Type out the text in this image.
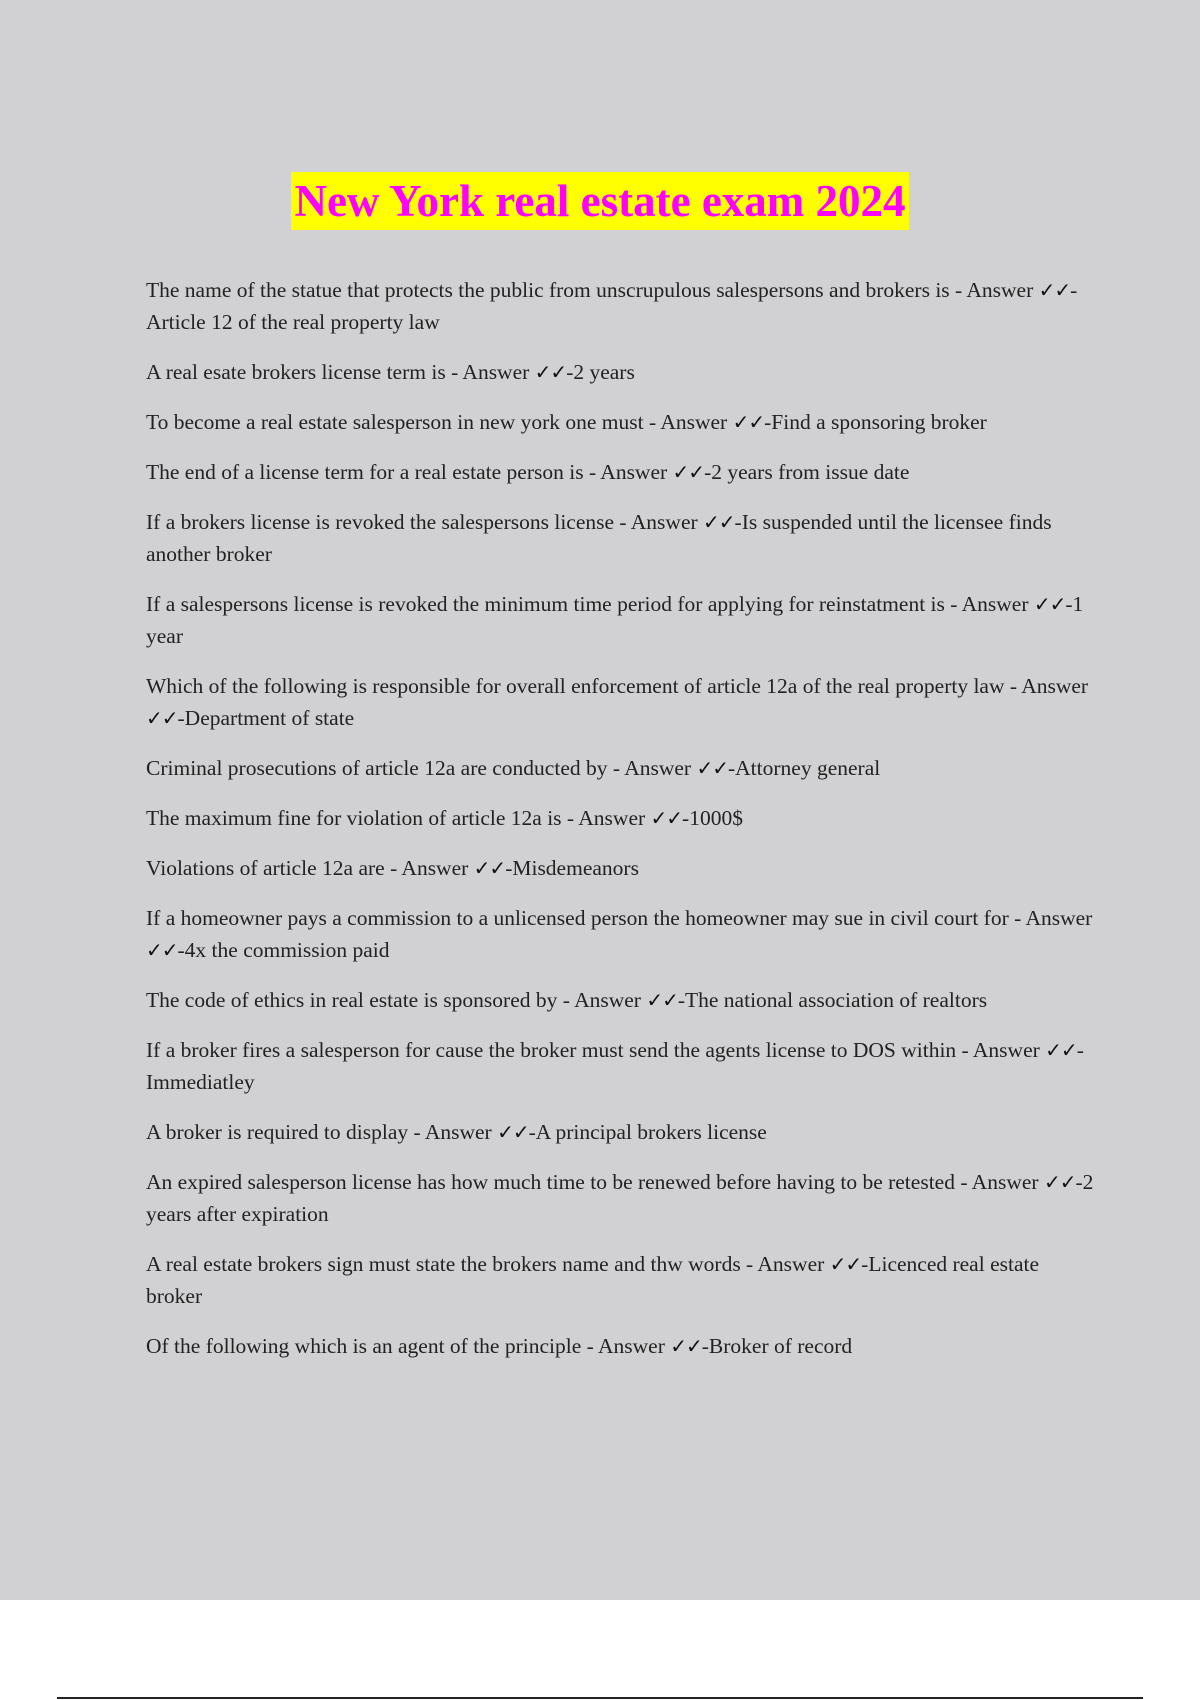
New York real estate exam 2024
The name of the statue that protects the public from unscrupulous salespersons and brokers is - Answer ✓✓-Article 12 of the real property law
A real esate brokers license term is - Answer ✓✓-2 years
To become a real estate salesperson in new york one must - Answer ✓✓-Find a sponsoring broker
The end of a license term for a real estate person is - Answer ✓✓-2 years from issue date
If a brokers license is revoked the salespersons license - Answer ✓✓-Is suspended until the licensee finds another broker
If a salespersons license is revoked the minimum time period for applying for reinstatment is - Answer ✓✓-1 year
Which of the following is responsible for overall enforcement of article 12a of the real property law - Answer ✓✓-Department of state
Criminal prosecutions of article 12a are conducted by - Answer ✓✓-Attorney general
The maximum fine for violation of article 12a is - Answer ✓✓-1000$
Violations of article 12a are - Answer ✓✓-Misdemeanors
If a homeowner pays a commission to a unlicensed person the homeowner may sue in civil court for - Answer ✓✓-4x the commission paid
The code of ethics in real estate is sponsored by - Answer ✓✓-The national association of realtors
If a broker fires a salesperson for cause the broker must send the agents license to DOS within - Answer ✓✓-Immediatley
A broker is required to display - Answer ✓✓-A principal brokers license
An expired salesperson license has how much time to be renewed before having to be retested - Answer ✓✓-2 years after expiration
A real estate brokers sign must state the brokers name and thw words - Answer ✓✓-Licenced real estate broker
Of the following which is an agent of the principle - Answer ✓✓-Broker of record
